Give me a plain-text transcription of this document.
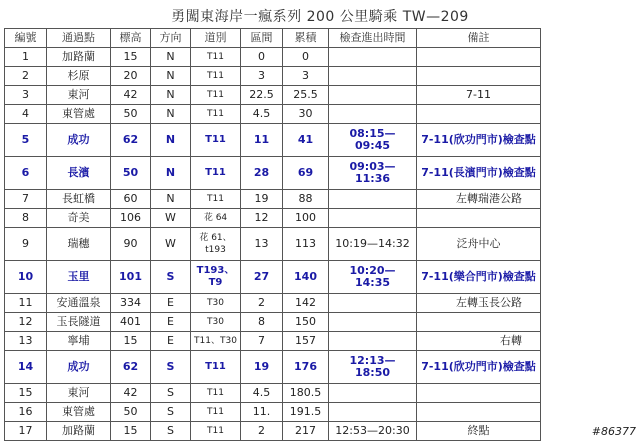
勇闖東海岸一瘋系列 200 公里騎乘 TW—209
編號	通過點	標高	方向	道別	區間	累積	檢查進出時間	備註
1	加路蘭	15	N	T11	0	0		
2	杉原	20	N	T11	3	3		
3	東河	42	N	T11	22.5	25.5		7-11
4	東管處	50	N	T11	4.5	30		
5	成功	62	N	T11	11	41	08:15—09:45	7-11(欣功門市)檢查點
6	長濱	50	N	T11	28	69	09:03—11:36	7-11(長濱門市)檢查點
7	長虹橋	60	N	T11	19	88		左轉瑞港公路
8	奇美	106	W	花 64	12	100		
9	瑞穗	90	W	花 61、t193	13	113	10:19—14:32	泛舟中心
10	玉里	101	S	T193、T9	27	140	10:20—14:35	7-11(樂合門市)檢查點
11	安通溫泉	334	E	T30	2	142		左轉玉長公路
12	玉長隧道	401	E	T30	8	150		
13	寧埔	15	E	T11、T30	7	157		右轉
14	成功	62	S	T11	19	176	12:13—18:50	7-11(欣功門市)檢查點
15	東河	42	S	T11	4.5	180.5		
16	東管處	50	S	T11	11.	191.5		
17	加路蘭	15	S	T11	2	217	12:53—20:30	終點	#86377
